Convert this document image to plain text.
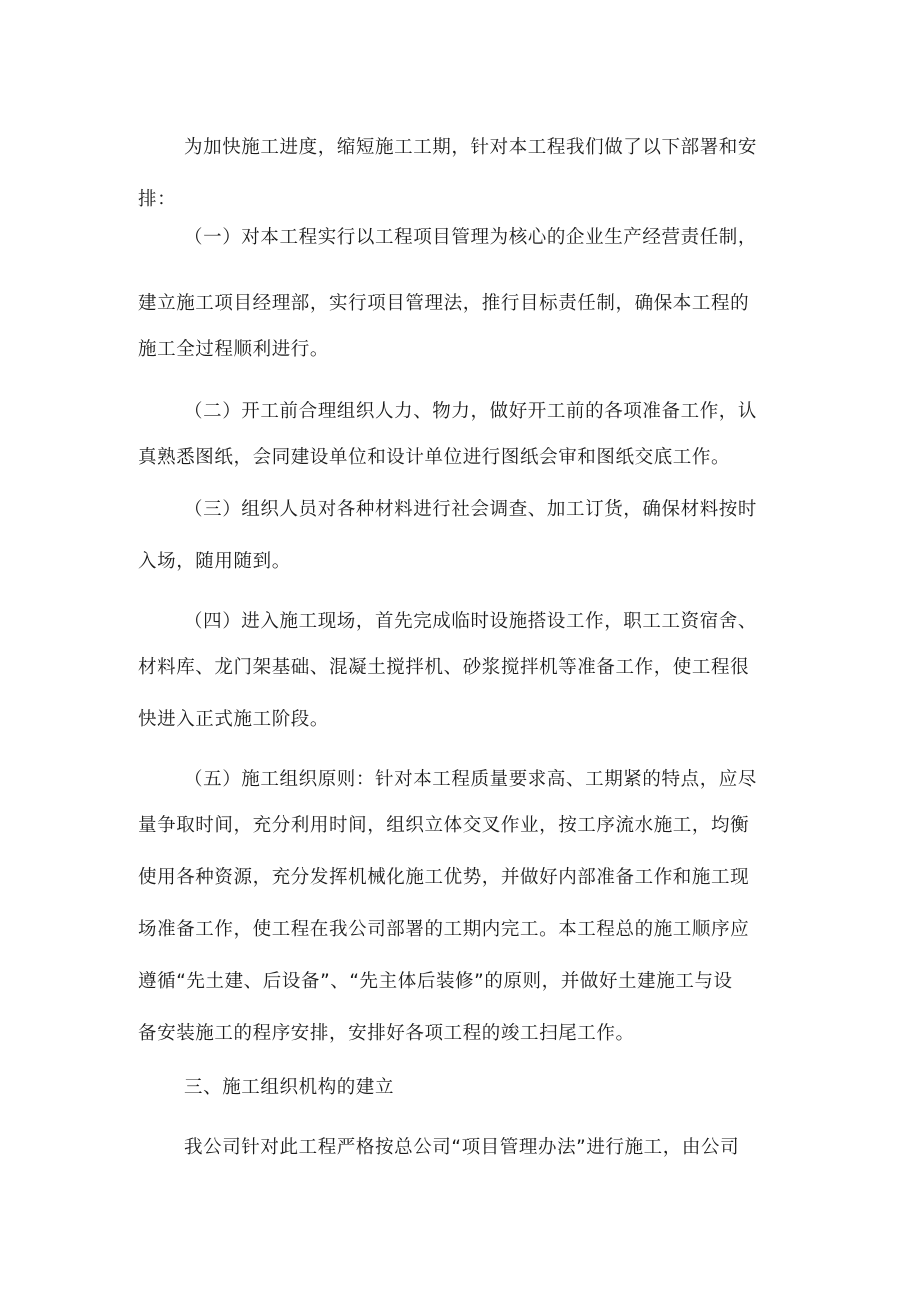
为加快施工进度，缩短施工工期，针对本工程我们做了以下部署和安
排：
（一）对本工程实行以工程项目管理为核心的企业生产经营责任制，
建立施工项目经理部，实行项目管理法，推行目标责任制，确保本工程的
施工全过程顺利进行。
（二）开工前合理组织人力、物力，做好开工前的各项准备工作，认
真熟悉图纸，会同建设单位和设计单位进行图纸会审和图纸交底工作。
（三）组织人员对各种材料进行社会调查、加工订货，确保材料按时
入场，随用随到。
（四）进入施工现场，首先完成临时设施搭设工作，职工工资宿舍、
材料库、龙门架基础、混凝土搅拌机、砂浆搅拌机等准备工作，使工程很
快进入正式施工阶段。
（五）施工组织原则：针对本工程质量要求高、工期紧的特点，应尽
量争取时间，充分利用时间，组织立体交叉作业，按工序流水施工，均衡
使用各种资源，充分发挥机械化施工优势，并做好内部准备工作和施工现
场准备工作，使工程在我公司部署的工期内完工。本工程总的施工顺序应
遵循“先土建、后设备”、“先主体后装修”的原则，并做好土建施工与设
备安装施工的程序安排，安排好各项工程的竣工扫尾工作。
三、施工组织机构的建立
我公司针对此工程严格按总公司“项目管理办法”进行施工，由公司
